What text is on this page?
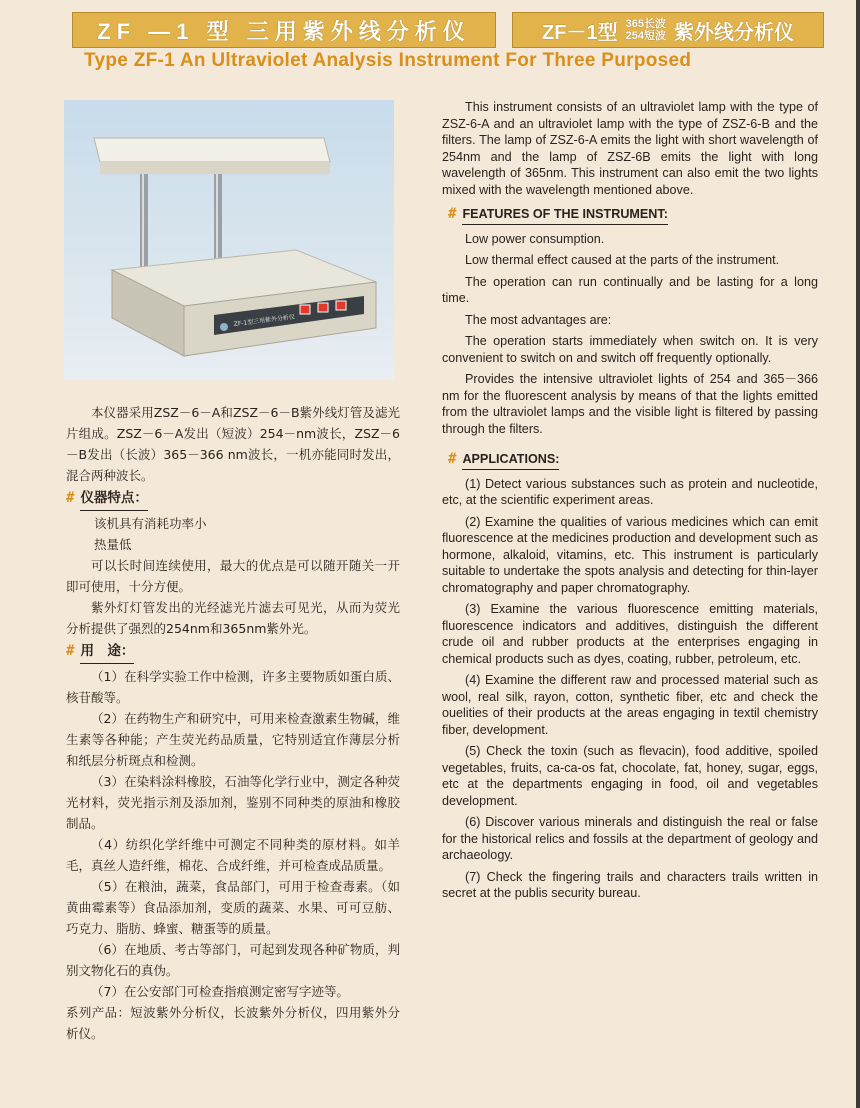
ZF —1 型 三用紫外线分析仪	ZF－1型 365长波
254短波 紫外线分析仪
Type ZF-1 An Ultraviolet Analysis Instrument For Three Purposed
ZF-1型三用紫外分析仪

本仪器采用ZSZ－6－A和ZSZ－6－B紫外线灯管及滤光片组成。ZSZ－6－A发出（短波）254－nm波长，ZSZ－6－B发出（长波）365－366 nm波长，一机亦能同时发出，混合两种波长。

# 仪器特点：

该机具有消耗功率小

热量低

可以长时间连续使用，最大的优点是可以随开随关一开即可使用，十分方便。

紫外灯灯管发出的光经滤光片滤去可见光，从而为荧光分析提供了强烈的254nm和365nm紫外光。

# 用　途：

（1）在科学实验工作中检测，许多主要物质如蛋白质、核苷酸等。

（2）在药物生产和研究中，可用来检查激素生物碱，维生素等各种能；产生荧光药品质量，它特别适宜作薄层分析和纸层分析斑点和检测。

（3）在染料涂料橡胶，石油等化学行业中，测定各种荧光材料，荧光指示剂及添加剂，鉴别不同种类的原油和橡胶制品。

（4）纺织化学纤维中可测定不同种类的原材料。如羊毛，真丝人造纤维，棉花、合成纤维，并可检查成品质量。

（5）在粮油，蔬菜，食品部门，可用于检查毒素。（如黄曲霉素等）食品添加剂，变质的蔬菜、水果、可可豆舫、巧克力、脂肪、蜂蜜、糖蛋等的质量。

（6）在地质、考古等部门，可起到发现各种矿物质，判别文物化石的真伪。

（7）在公安部门可检查指痕测定密写字迹等。

系列产品：短波紫外分析仪，长波紫外分析仪，四用紫外分析仪。

This instrument consists of an ultraviolet lamp with the type of ZSZ-6-A and an ultraviolet lamp with the type of ZSZ-6-B and the filters. The lamp of ZSZ-6-A emits the light with short wavelength of 254nm and the lamp of ZSZ-6B emits the light with long wavelength of 365nm. This instrument can also emit the two lights mixed with the wavelength mentioned above.

# FEATURES OF THE INSTRUMENT:

Low power consumption.

Low thermal effect caused at the parts of the instrument.

The operation can run continually and be lasting for a long time.

The most advantages are:

The operation starts immediately when switch on. It is very convenient to switch on and switch off frequently optionally.

Provides the intensive ultraviolet lights of 254 and 365－366 nm for the fluorescent analysis by means of that the lights emitted from the ultraviolet lamps and the visible light is filtered by passing through the filters.

# APPLICATIONS:

(1) Detect various substances such as protein and nucleotide, etc, at the scientific experiment areas.

(2) Examine the qualities of various medicines which can emit fluorescence at the medicines production and development such as hormone, alkaloid, vitamins, etc. This instrument is particularly suitable to undertake the spots analysis and detecting for thin-layer chromatography and paper chromatography.

(3) Examine the various fluorescence emitting materials, fluorescence indicators and additives, distinguish the different crude oil and rubber products at the enterprises engaging in chemical products such as dyes, coating, rubber, petroleum, etc.

(4) Examine the different raw and processed material such as wool, real silk, rayon, cotton, synthetic fiber, etc and check the ouelities of their products at the areas engaging in textil chemistry fiber, development.

(5) Check the toxin (such as flevacin), food additive, spoiled vegetables, fruits, ca-ca-os fat, chocolate, fat, honey, sugar, eggs, etc at the departments engaging in food, oil and vegetables development.

(6) Discover various minerals and distinguish the real or false for the historical relics and fossils at the department of geology and archaeology.

(7) Check the fingering trails and characters trails written in secret at the publis security bureau.
